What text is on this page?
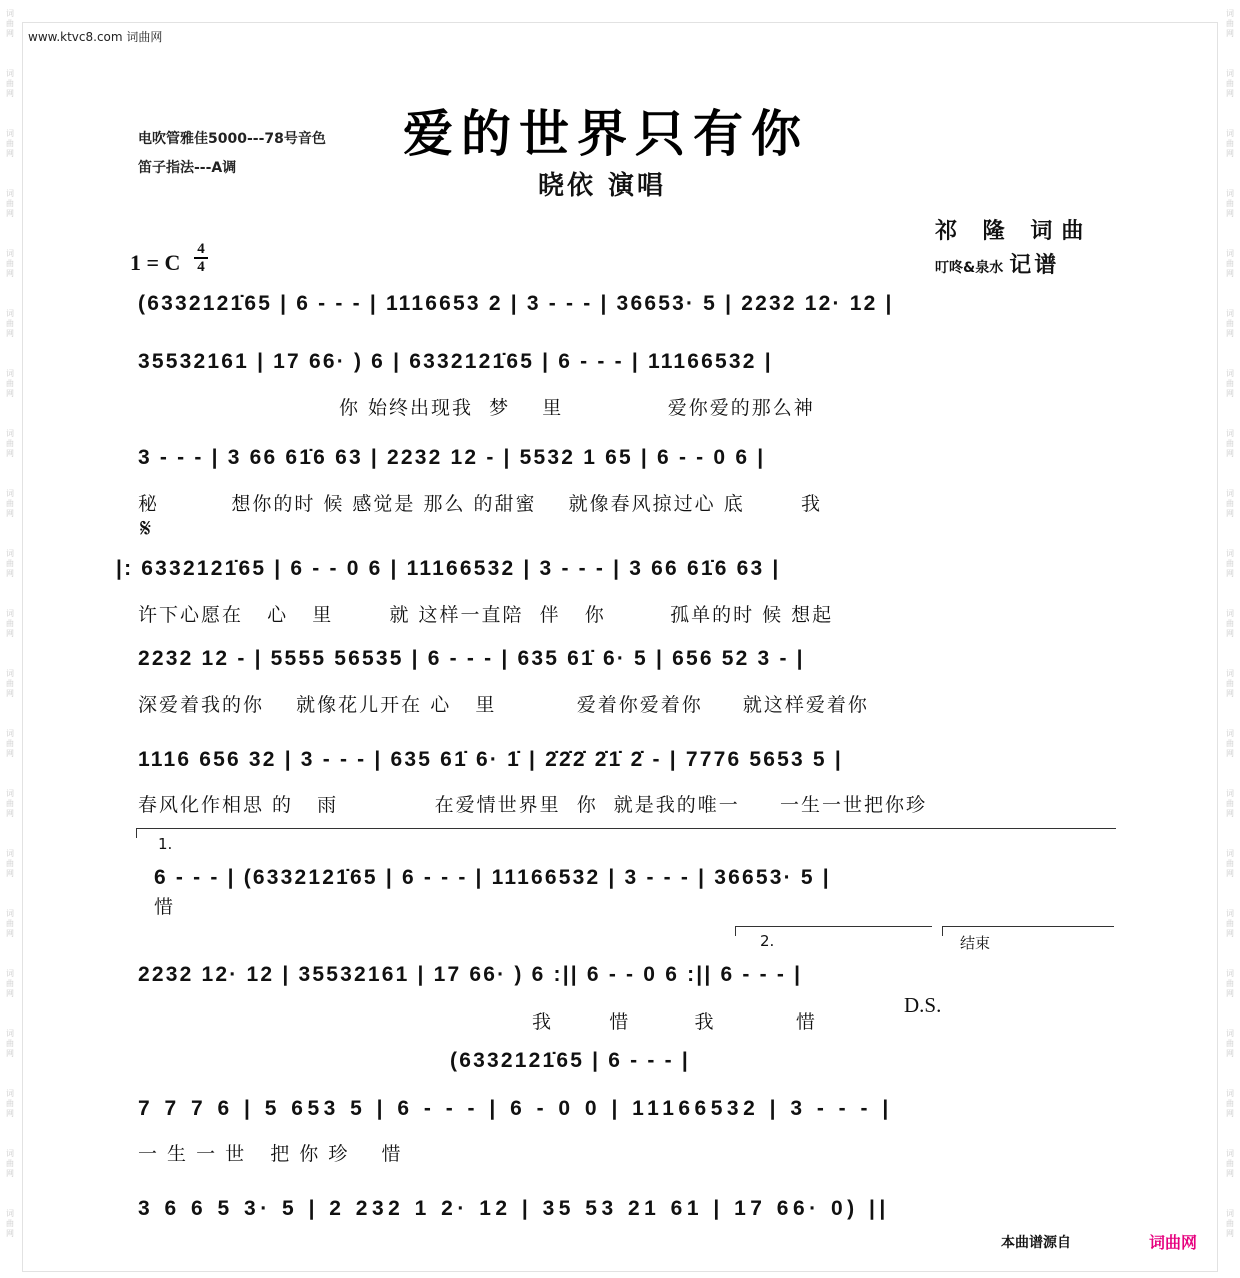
词
曲
网
词
曲
网
词
曲
网
词
曲
网
词
曲
网
词
曲
网
词
曲
网
词
曲
网
词
曲
网
词
曲
网
词
曲
网
词
曲
网
词
曲
网
词
曲
网
词
曲
网
词
曲
网
词
曲
网
词
曲
网
词
曲
网
词
曲
网
词
曲
网
词
曲
网
词
曲
网
词
曲
网
词
曲
网
词
曲
网
词
曲
网
词
曲
网
词
曲
网
词
曲
网
词
曲
网
词
曲
网
词
曲
网
词
曲
网
词
曲
网
词
曲
网
词
曲
网
词
曲
网
词
曲
网
词
曲
网
词
曲
网
词
曲
网
www.ktvc8.com 词曲网
电吹管雅佳5000---78号音色
笛子指法---A调
爱的世界只有你
晓依 演唱
祁 隆 词曲
叮咚&泉水 记谱
1 = C
4
4
(6332121̇65 | 6 - - - | 1116653 2 | 3 - - - | 36653· 5 | 2232 12· 12 |
35532161 | 17 66· ) 6 | 6332121̇65 | 6 - - - | 11166532 |
你 始终出现我  梦    里             爱你爱的那么神
3 - - - | 3 66 61̇6 63 | 2232 12 - | 5532 1 65 | 6 - - 0 6 |
秘         想你的时 候 感觉是 那么 的甜蜜    就像春风掠过心 底       我
𝄋
|: 6332121̇65 | 6 - - 0 6 | 11166532 | 3 - - - | 3 66 61̇6 63 |
许下心愿在   心   里       就 这样一直陪  伴   你        孤单的时 候 想起
2232 12 - | 5555 56535 | 6 - - - | 635 61̇ 6· 5 | 656 52 3 - |
深爱着我的你    就像花儿开在 心   里          爱着你爱着你     就这样爱着你
1116 656 32 | 3 - - - | 635 61̇ 6· 1̇ | 2̇2̇2̇ 2̇1̇ 2̇ - | 7776 5653 5 |
春风化作相思 的   雨            在爱情世界里  你  就是我的唯一     一生一世把你珍
1.
6 - - - | (6332121̇65 | 6 - - - | 11166532 | 3 - - - | 36653· 5 |
惜
2.	结束
2232 12· 12 | 35532161 | 17 66· ) 6 :|| 6 - - 0 6 :|| 6 - - - |
我       惜        我          惜
D.S.
(6332121̇65 | 6 - - - |
7 7 7 6 | 5 653 5 | 6 - - - | 6 - 0 0 | 11166532 | 3 - - - |
一 生 一 世   把 你 珍    惜
3 6 6 5 3· 5 | 2 232 1 2· 12 | 35 53 21 61 | 17 66· 0) ||
本曲谱源自	词曲网
